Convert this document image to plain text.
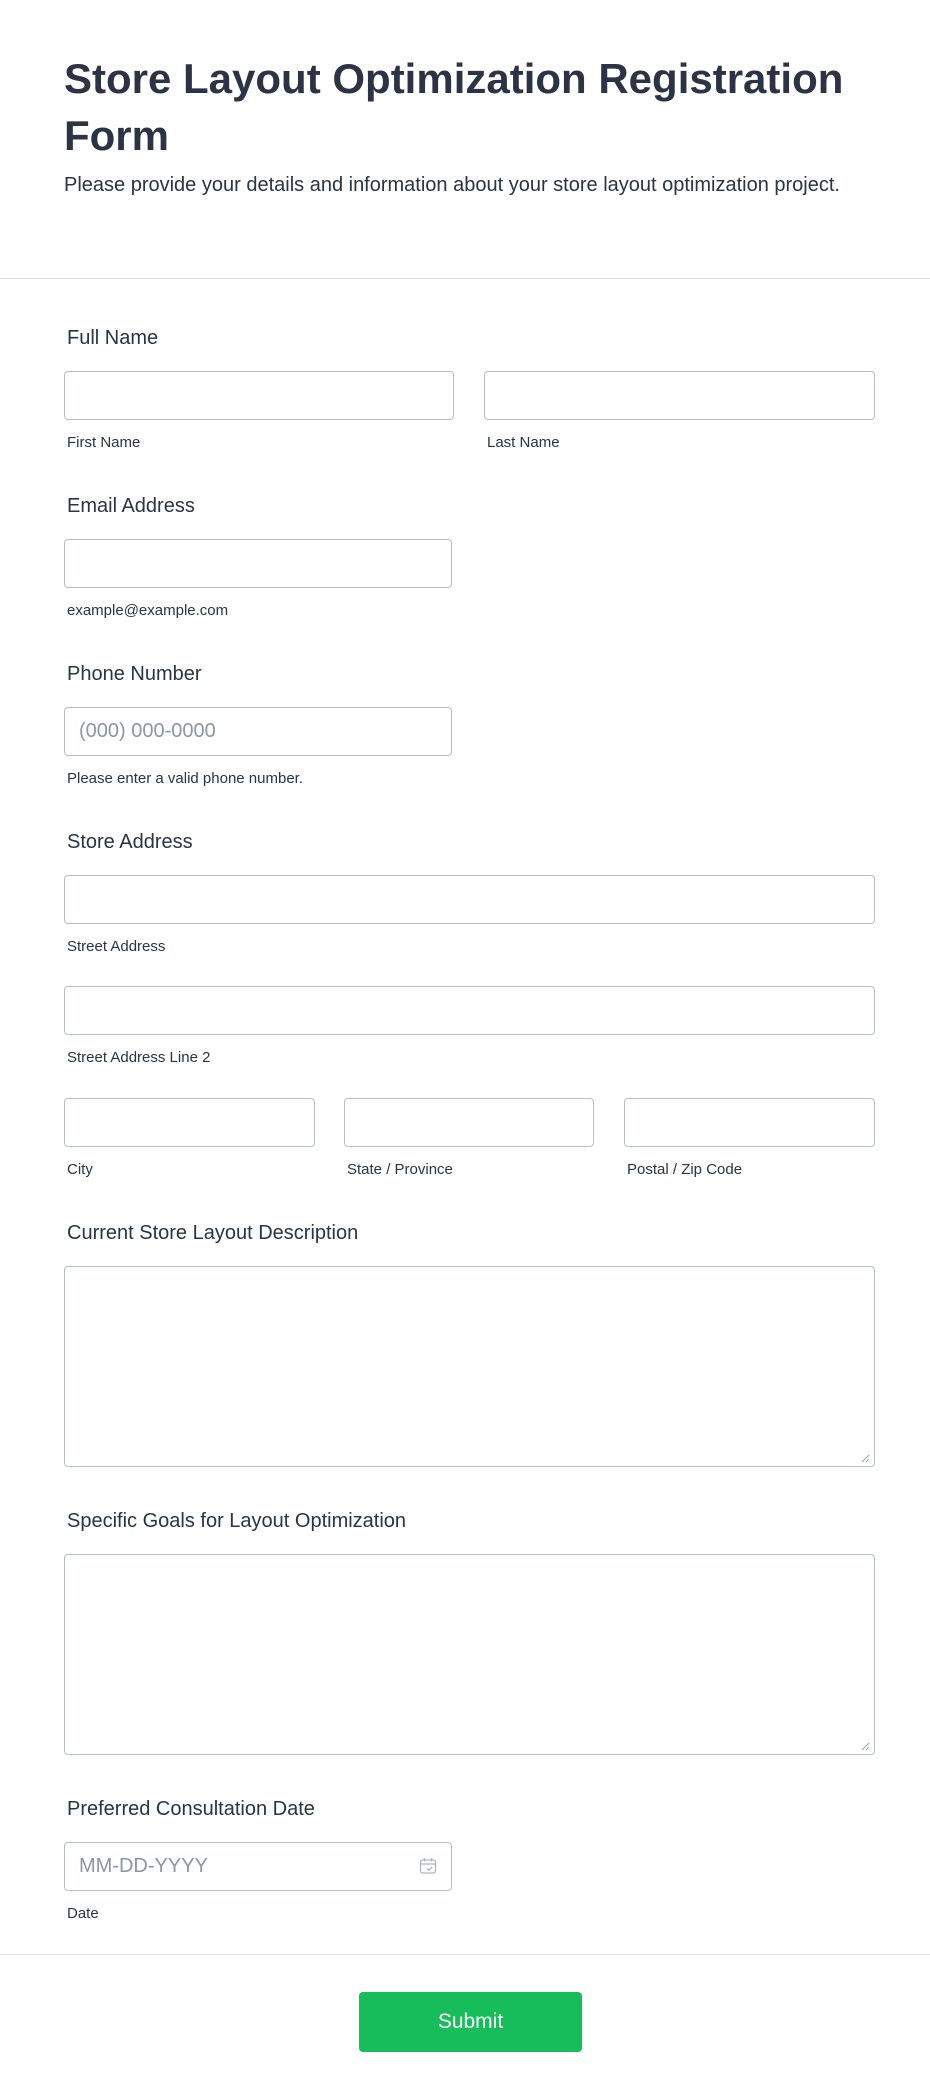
Store Layout Optimization Registration Form

Please provide your details and information about your store layout optimization project.

Full Name
First Name	Last Name
Email Address
example@example.com
Phone Number
(000) 000-0000
Please enter a valid phone number.
Store Address
Street Address
Street Address Line 2
City	State / Province	Postal / Zip Code
Current Store Layout Description
Specific Goals for Layout Optimization
Preferred Consultation Date
MM-DD-YYYY
Date
Submit
